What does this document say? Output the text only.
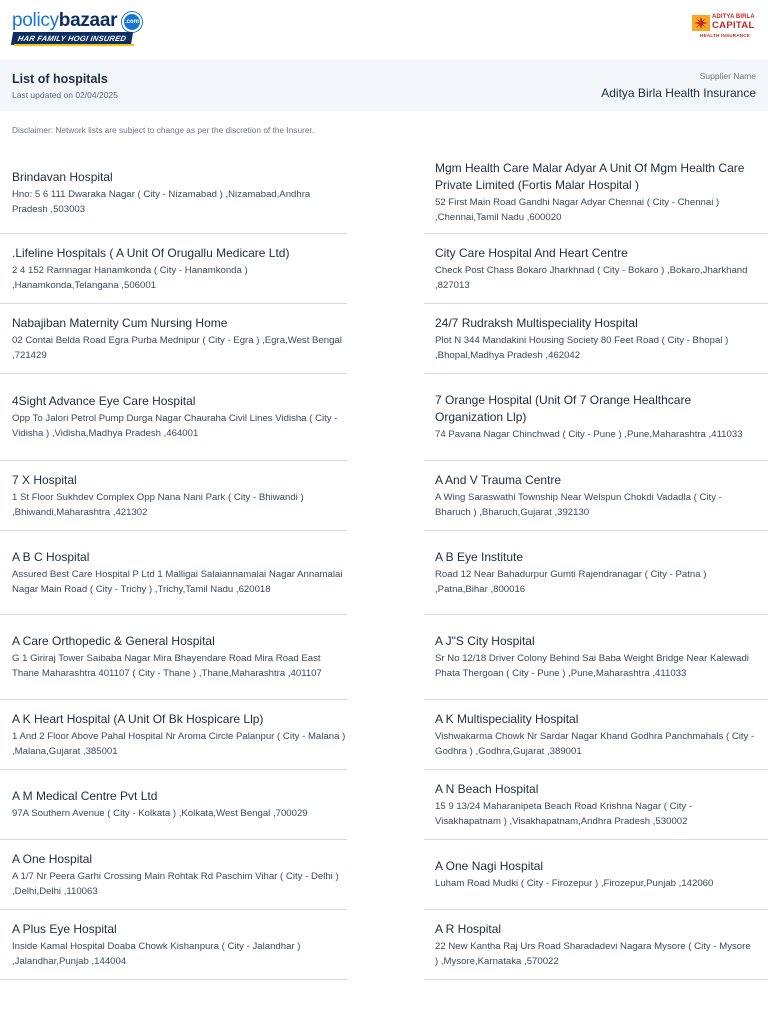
policybazaar .com
HAR FAMILY HOGI INSURED
ADITYA BIRLA
CAPITAL
HEALTH INSURANCE
List of hospitals
Last updated on 02/04/2025
Supplier Name
Aditya Birla Health Insurance
Disclaimer: Network lists are subject to change as per the discretion of the Insurer.
Brindavan Hospital
Hno: 5 6 111 Dwaraka Nagar ( City - Nizamabad ) ,Nizamabad,Andhra Pradesh ,503003
.Lifeline Hospitals ( A Unit Of Orugallu Medicare Ltd)
2 4 152 Ramnagar Hanamkonda ( City - Hanamkonda ) ,Hanamkonda,Telangana ,506001
Nabajiban Maternity Cum Nursing Home
02 Contai Belda Road Egra Purba Mednipur ( City - Egra ) ,Egra,West Bengal ,721429
4Sight Advance Eye Care Hospital
Opp To Jalori Petrol Pump Durga Nagar Chauraha Civil Lines Vidisha ( City - Vidisha ) ,Vidisha,Madhya Pradesh ,464001
7 X Hospital
1 St Floor Sukhdev Complex Opp Nana Nani Park ( City - Bhiwandi ) ,Bhiwandi,Maharashtra ,421302
A B C Hospital
Assured Best Care Hospital P Ltd 1 Malligai Salaiannamalai Nagar Annamalai Nagar Main Road ( City - Trichy ) ,Trichy,Tamil Nadu ,620018
A Care Orthopedic & General Hospital
G 1 Giriraj Tower Saibaba Nagar Mira Bhayendare Road Mira Road East Thane Maharashtra 401107 ( City - Thane ) ,Thane,Maharashtra ,401107
A K Heart Hospital (A Unit Of Bk Hospicare Llp)
1 And 2 Floor Above Pahal Hospital Nr Aroma Circle Palanpur ( City - Malana ) ,Malana,Gujarat ,385001
A M Medical Centre Pvt Ltd
97A Southern Avenue ( City - Kolkata ) ,Kolkata,West Bengal ,700029
A One Hospital
A 1/7 Nr Peera Garhi Crossing Main Rohtak Rd Paschim Vihar ( City - Delhi ) ,Delhi,Delhi ,110063
A Plus Eye Hospital
Inside Kamal Hospital Doaba Chowk Kishanpura ( City - Jalandhar ) ,Jalandhar,Punjab ,144004
Mgm Health Care Malar Adyar A Unit Of Mgm Health Care Private Limited (Fortis Malar Hospital )
52 First Main Road Gandhi Nagar Adyar Chennai ( City - Chennai ) ,Chennai,Tamil Nadu ,600020
City Care Hospital And Heart Centre
Check Post Chass Bokaro Jharkhnad ( City - Bokaro ) ,Bokaro,Jharkhand ,827013
24/7 Rudraksh Multispeciality Hospital
Plot N 344 Mandakini Housing Society 80 Feet Road ( City - Bhopal ) ,Bhopal,Madhya Pradesh ,462042
7 Orange Hospital (Unit Of 7 Orange Healthcare Organization Llp)
74 Pavana Nagar Chinchwad ( City - Pune ) ,Pune,Maharashtra ,411033
A And V Trauma Centre
A Wing Saraswathi Township Near Welspun Chokdi Vadadla ( City - Bharuch ) ,Bharuch,Gujarat ,392130
A B Eye Institute
Road 12 Near Bahadurpur Gumti Rajendranagar ( City - Patna ) ,Patna,Bihar ,800016
A J"S City Hospital
Sr No 12/18 Driver Colony Behind Sai Baba Weight Bridge Near Kalewadi Phata Thergoan ( City - Pune ) ,Pune,Maharashtra ,411033
A K Multispeciality Hospital
Vishwakarma Chowk Nr Sardar Nagar Khand Godhra Panchmahals ( City - Godhra ) ,Godhra,Gujarat ,389001
A N Beach Hospital
15 9 13/24 Maharanipeta Beach Road Krishna Nagar ( City - Visakhapatnam ) ,Visakhapatnam,Andhra Pradesh ,530002
A One Nagi Hospital
Luham Road Mudki ( City - Firozepur ) ,Firozepur,Punjab ,142060
A R Hospital
22 New Kantha Raj Urs Road Sharadadevi Nagara Mysore ( City - Mysore ) ,Mysore,Karnataka ,570022
